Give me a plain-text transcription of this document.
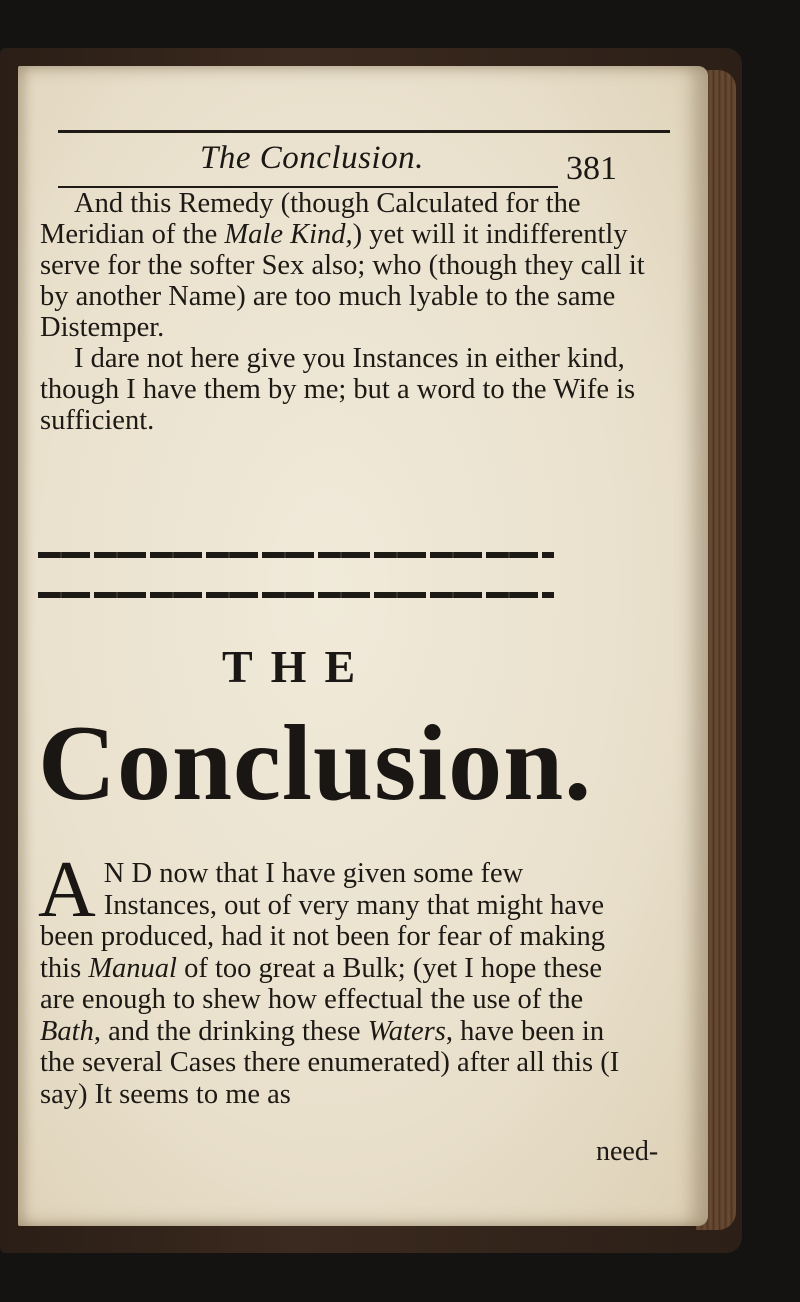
The Conclusion.	381

And this Remedy (though Calculated for the Meridian of the Male Kind,) yet will it indifferently serve for the softer Sex also; who (though they call it by another Name) are too much lyable to the same Distemper.

I dare not here give you Instances in either kind, though I have them by me; but a word to the Wife is sufficient.

THE
Conclusion.
A N D now that I have given some few Instances, out of very many that might have been produced, had it not been for fear of making this Manual of too great a Bulk; (yet I hope these are enough to shew how effectual the use of the Bath, and the drinking these Waters, have been in the several Cases there enumerated) after all this (I say) It seems to me as
need-
